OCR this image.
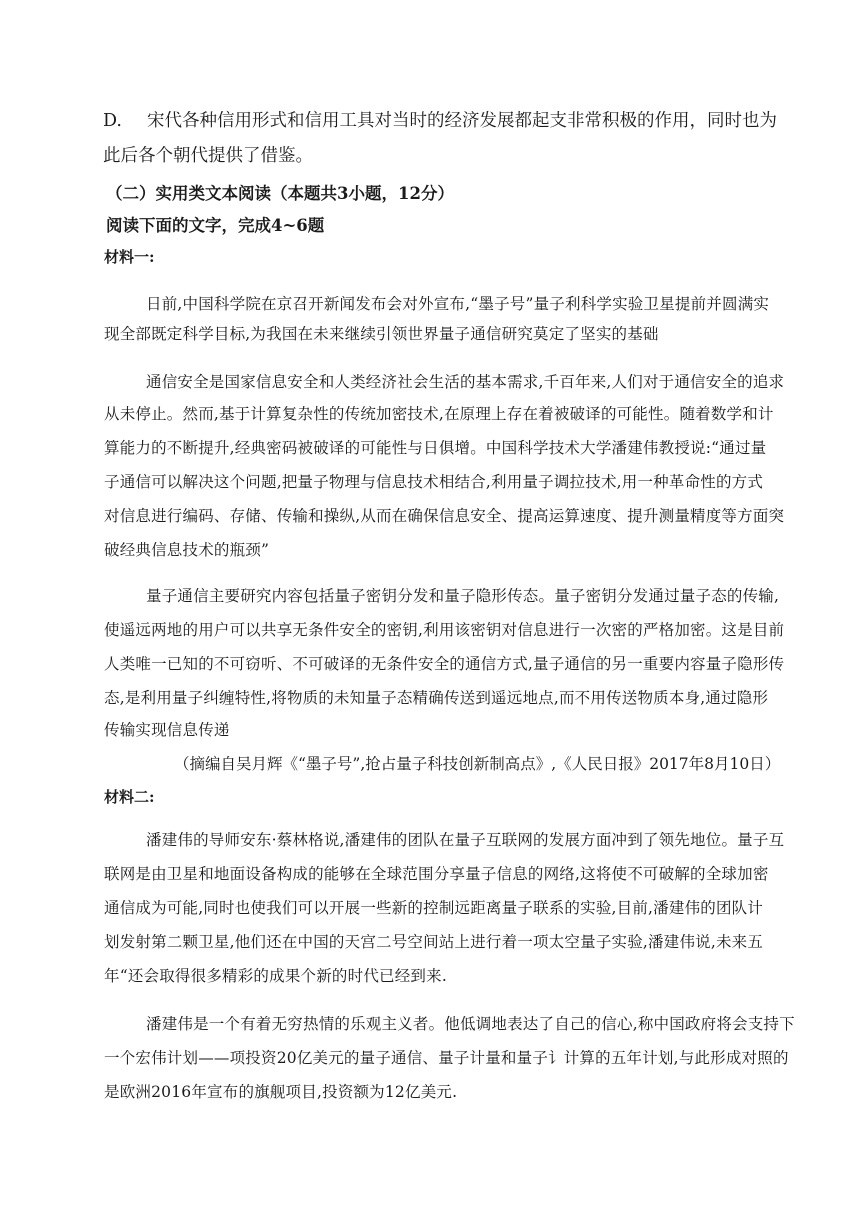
D. 宋代各种信用形式和信用工具对当时的经济发展都起支非常积极的作用，同时也为
此后各个朝代提供了借鉴。
（二）实用类文本阅读（本题共3小题，12分）
阅读下面的文字，完成4~6题
材料一:
日前,中国科学院在京召开新闻发布会对外宣布,“墨子号”量子利科学实验卫星提前并圆满实
现全部既定科学目标,为我国在未来继续引领世界量子通信研究莫定了坚实的基础
通信安全是国家信息安全和人类经济社会生活的基本需求,千百年来,人们对于通信安全的追求
从未停止。然而,基于计算复杂性的传统加密技术,在原理上存在着被破译的可能性。随着数学和计
算能力的不断提升,经典密码被破译的可能性与日俱增。中国科学技术大学潘建伟教授说:“通过量
子通信可以解决这个问题,把量子物理与信息技术相结合,利用量子调拉技术,用一种革命性的方式
对信息进行编码、存储、传输和操纵,从而在确保信息安全、提高运算速度、提升测量精度等方面突
破经典信息技术的瓶颈”
量子通信主要研究内容包括量子密钥分发和量子隐形传态。量子密钥分发通过量子态的传输,
使遥远两地的用户可以共享无条件安全的密钥,利用该密钥对信息进行一次密的严格加密。这是目前
人类唯一已知的不可窃听、不可破译的无条件安全的通信方式,量子通信的另一重要内容量子隐形传
态,是利用量子纠缠特性,将物质的未知量子态精确传送到遥远地点,而不用传送物质本身,通过隐形
传输实现信息传递
（摘编自吴月辉《“墨子号”,抢占量子科技创新制高点》,《人民日报》2017年8月10日）
材料二:
潘建伟的导师安东·蔡林格说,潘建伟的团队在量子互联网的发展方面冲到了领先地位。量子互
联网是由卫星和地面设备构成的能够在全球范围分享量子信息的网络,这将使不可破解的全球加密
通信成为可能,同时也使我们可以开展一些新的控制远距离量子联系的实验,目前,潘建伟的团队计
划发射第二颗卫星,他们还在中国的天宫二号空间站上进行着一项太空量子实验,潘建伟说,未来五
年“还会取得很多精彩的成果个新的时代已经到来.
潘建伟是一个有着无穷热情的乐观主义者。他低调地表达了自己的信心,称中国政府将会支持下
一个宏伟计划——项投资20亿美元的量子通信、量子计量和量子讠计算的五年计划,与此形成对照的
是欧洲2016年宣布的旗舰项目,投资额为12亿美元.
